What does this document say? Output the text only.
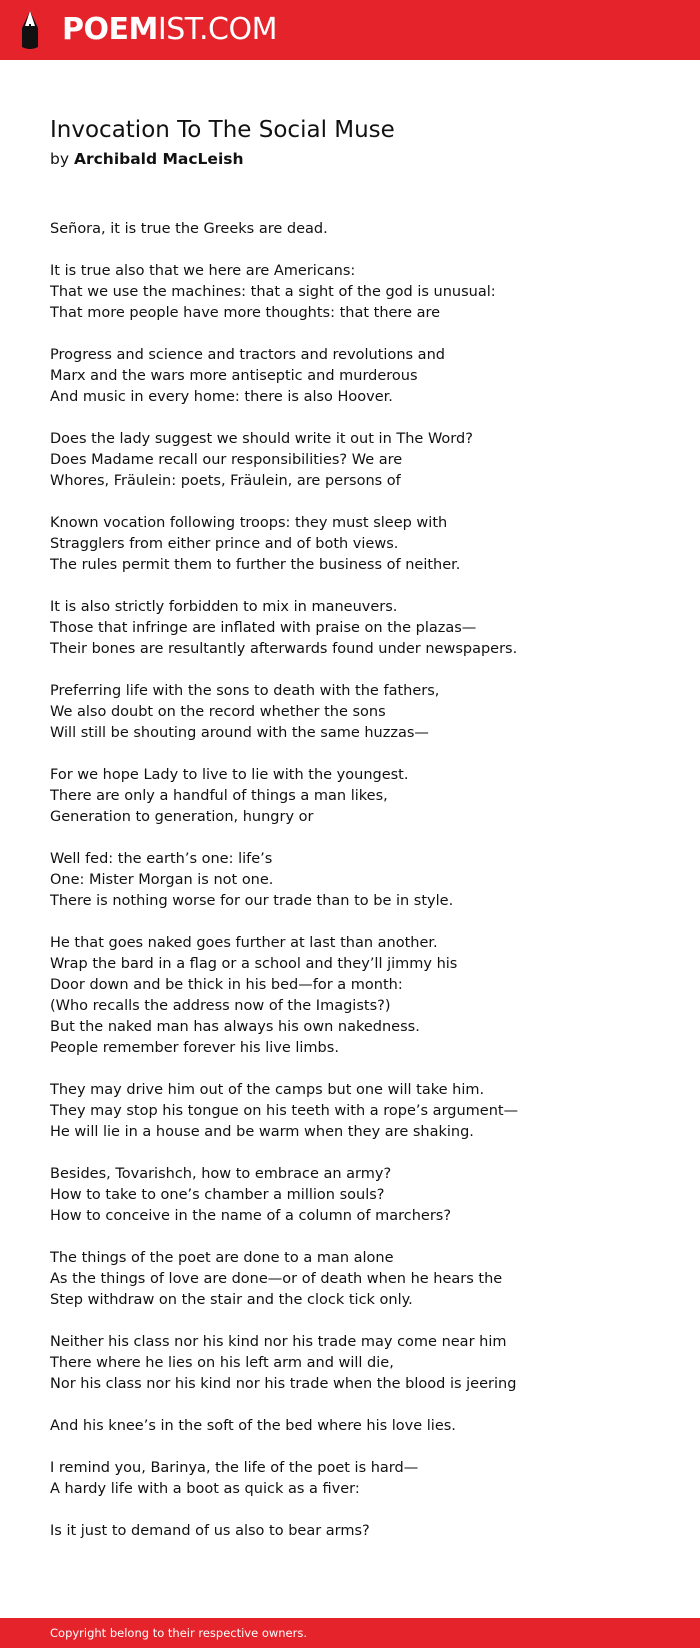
POEMIST.COM
Invocation To The Social Muse
by Archibald MacLeish
Señora, it is true the Greeks are dead.
It is true also that we here are Americans:
That we use the machines: that a sight of the god is unusual:
That more people have more thoughts: that there are
Progress and science and tractors and revolutions and
Marx and the wars more antiseptic and murderous
And music in every home: there is also Hoover.
Does the lady suggest we should write it out in The Word?
Does Madame recall our responsibilities? We are
Whores, Fräulein: poets, Fräulein, are persons of
Known vocation following troops: they must sleep with
Stragglers from either prince and of both views.
The rules permit them to further the business of neither.
It is also strictly forbidden to mix in maneuvers.
Those that infringe are inflated with praise on the plazas—
Their bones are resultantly afterwards found under newspapers.
Preferring life with the sons to death with the fathers,
We also doubt on the record whether the sons
Will still be shouting around with the same huzzas—
For we hope Lady to live to lie with the youngest.
There are only a handful of things a man likes,
Generation to generation, hungry or
Well fed: the earth’s one: life’s
One: Mister Morgan is not one.
There is nothing worse for our trade than to be in style.
He that goes naked goes further at last than another.
Wrap the bard in a flag or a school and they’ll jimmy his
Door down and be thick in his bed—for a month:
(Who recalls the address now of the Imagists?)
But the naked man has always his own nakedness.
People remember forever his live limbs.
They may drive him out of the camps but one will take him.
They may stop his tongue on his teeth with a rope’s argument—
He will lie in a house and be warm when they are shaking.
Besides, Tovarishch, how to embrace an army?
How to take to one’s chamber a million souls?
How to conceive in the name of a column of marchers?
The things of the poet are done to a man alone
As the things of love are done—or of death when he hears the
Step withdraw on the stair and the clock tick only.
Neither his class nor his kind nor his trade may come near him
There where he lies on his left arm and will die,
Nor his class nor his kind nor his trade when the blood is jeering
And his knee’s in the soft of the bed where his love lies.
I remind you, Barinya, the life of the poet is hard—
A hardy life with a boot as quick as a fiver:
Is it just to demand of us also to bear arms?
Copyright belong to their respective owners.
